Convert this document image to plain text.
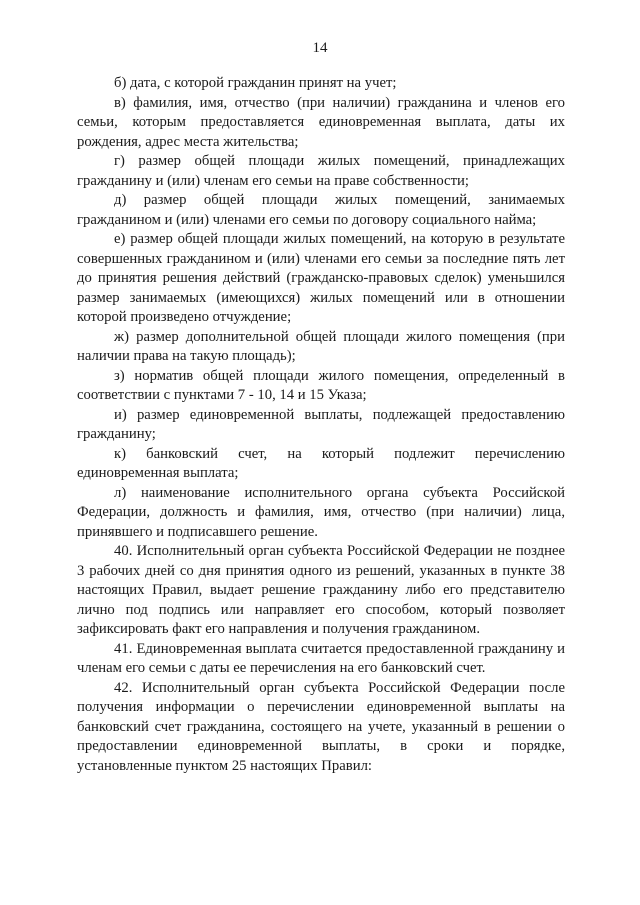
14

б) дата, с которой гражданин принят на учет;

в) фамилия, имя, отчество (при наличии) гражданина и членов его семьи, которым предоставляется единовременная выплата, даты их рождения, адрес места жительства;

г) размер общей площади жилых помещений, принадлежащих гражданину и (или) членам его семьи на праве собственности;

д) размер общей площади жилых помещений, занимаемых гражданином и (или) членами его семьи по договору социального найма;

е) размер общей площади жилых помещений, на которую в результате совершенных гражданином и (или) членами его семьи за последние пять лет до принятия решения действий (гражданско-правовых сделок) уменьшился размер занимаемых (имеющихся) жилых помещений или в отношении которой произведено отчуждение;

ж) размер дополнительной общей площади жилого помещения (при наличии права на такую площадь);

з) норматив общей площади жилого помещения, определенный в соответствии с пунктами 7 - 10, 14 и 15 Указа;

и) размер единовременной выплаты, подлежащей предоставлению гражданину;

к) банковский счет, на который подлежит перечислению единовременная выплата;

л) наименование исполнительного органа субъекта Российской Федерации, должность и фамилия, имя, отчество (при наличии) лица, принявшего и подписавшего решение.

40. Исполнительный орган субъекта Российской Федерации не позднее 3 рабочих дней со дня принятия одного из решений, указанных в пункте 38 настоящих Правил, выдает решение гражданину либо его представителю лично под подпись или направляет его способом, который позволяет зафиксировать факт его направления и получения гражданином.

41. Единовременная выплата считается предоставленной гражданину и членам его семьи с даты ее перечисления на его банковский счет.

42. Исполнительный орган субъекта Российской Федерации после получения информации о перечислении единовременной выплаты на банковский счет гражданина, состоящего на учете, указанный в решении о предоставлении единовременной выплаты, в сроки и порядке, установленные пунктом 25 настоящих Правил:
